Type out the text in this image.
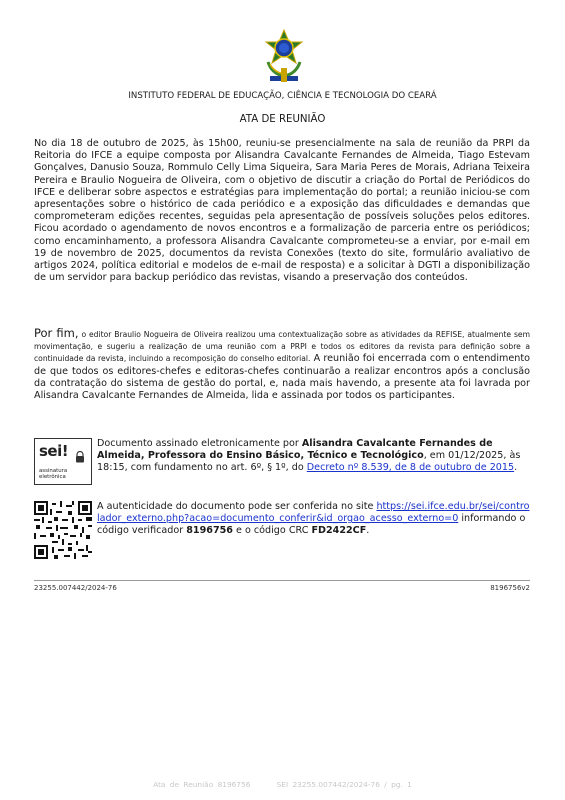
INSTITUTO FEDERAL DE EDUCAÇÃO, CIÊNCIA E TECNOLOGIA DO CEARÁ
ATA DE REUNIÃO

No dia 18 de outubro de 2025, às 15h00, reuniu-se presencialmente na sala de reunião da PRPI da Reitoria do IFCE a equipe composta por Alisandra Cavalcante Fernandes de Almeida, Tiago Estevam Gonçalves, Danusio Souza, Rommulo Celly Lima Siqueira, Sara Maria Peres de Morais, Adriana Teixeira Pereira e Braulio Nogueira de Oliveira, com o objetivo de discutir a criação do Portal de Periódicos do IFCE e deliberar sobre aspectos e estratégias para implementação do portal; a reunião iniciou-se com apresentações sobre o histórico de cada periódico e a exposição das dificuldades e demandas que comprometeram edições recentes, seguidas pela apresentação de possíveis soluções pelos editores. Ficou acordado o agendamento de novos encontros e a formalização de parceria entre os periódicos; como encaminhamento, a professora Alisandra Cavalcante comprometeu-se a enviar, por e-mail em 19 de novembro de 2025, documentos da revista Conexões (texto do site, formulário avaliativo de artigos 2024, política editorial e modelos de e-mail de resposta) e a solicitar à DGTI a disponibilização de um servidor para backup periódico das revistas, visando a preservação dos conteúdos.

Por fim, o editor Braulio Nogueira de Oliveira realizou uma contextualização sobre as atividades da REFISE, atualmente sem movimentação, e sugeriu a realização de uma reunião com a PRPI e todos os editores da revista para definição sobre a continuidade da revista, incluindo a recomposição do conselho editorial. A reunião foi encerrada com o entendimento de que todos os editores-chefes e editoras-chefes continuarão a realizar encontros após a conclusão da contratação do sistema de gestão do portal, e, nada mais havendo, a presente ata foi lavrada por Alisandra Cavalcante Fernandes de Almeida, lida e assinada por todos os participantes.

sei!
assinatura
eletrônica
Documento assinado eletronicamente por Alisandra Cavalcante Fernandes de Almeida, Professora do Ensino Básico, Técnico e Tecnológico, em 01/12/2025, às 18:15, com fundamento no art. 6º, § 1º, do Decreto nº 8.539, de 8 de outubro de 2015.
A autenticidade do documento pode ser conferida no site https://sei.ifce.edu.br/sei/controlador_externo.php?acao=documento_conferir&id_orgao_acesso_externo=0 informando o código verificador 8196756 e o código CRC FD2422CF.
23255.007442/2024-76	8196756v2
Ata de Reunião 8196756      SEI 23255.007442/2024-76 / pg. 1
